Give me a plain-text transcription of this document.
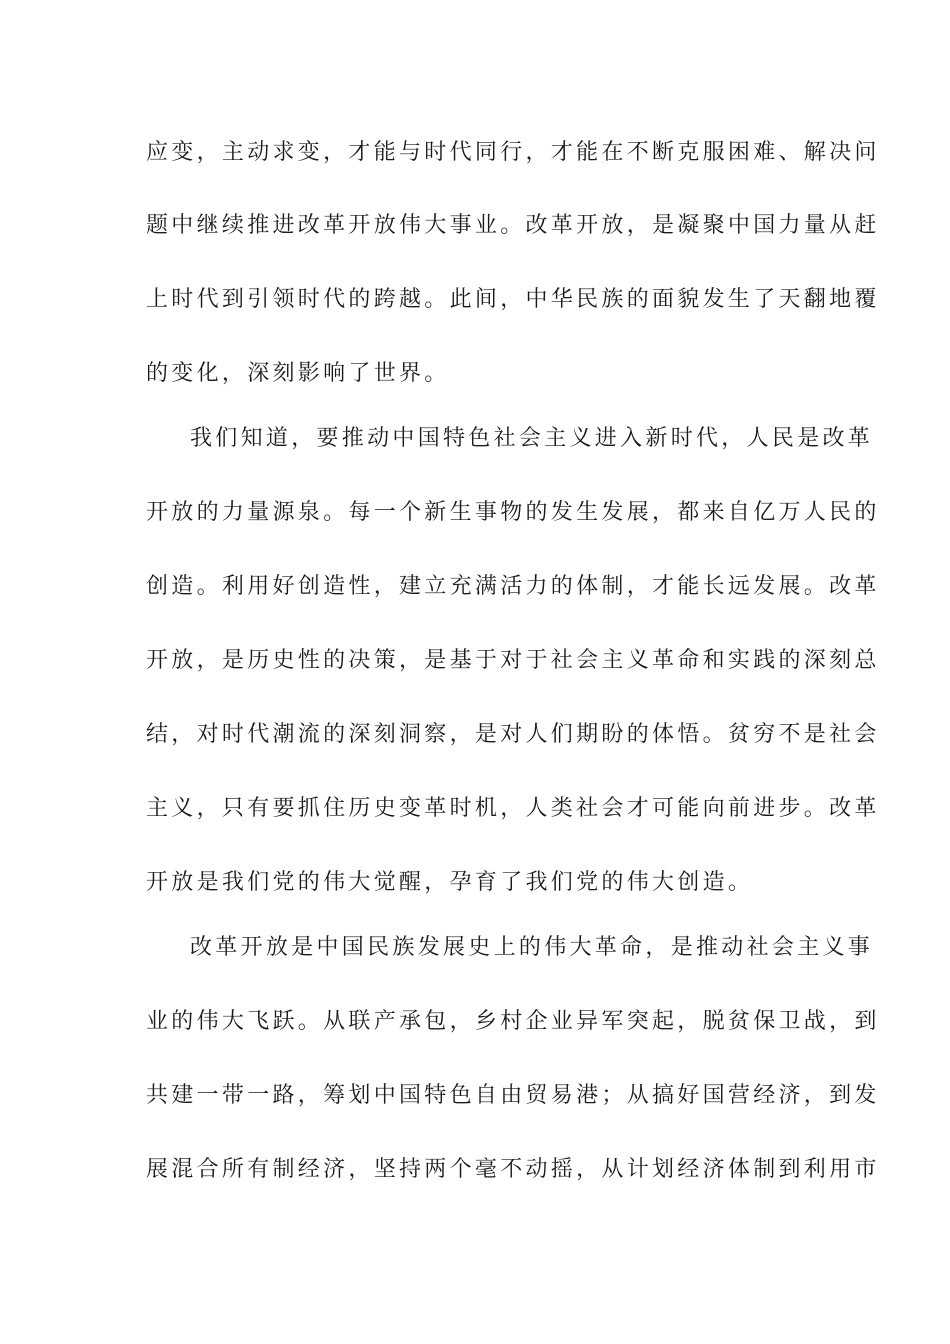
应变，主动求变，才能与时代同行，才能在不断克服困难、解决问
题中继续推进改革开放伟大事业。改革开放，是凝聚中国力量从赶
上时代到引领时代的跨越。此间，中华民族的面貌发生了天翻地覆
的变化，深刻影响了世界。
我们知道，要推动中国特色社会主义进入新时代，人民是改革
开放的力量源泉。每一个新生事物的发生发展，都来自亿万人民的
创造。利用好创造性，建立充满活力的体制，才能长远发展。改革
开放，是历史性的决策，是基于对于社会主义革命和实践的深刻总
结，对时代潮流的深刻洞察，是对人们期盼的体悟。贫穷不是社会
主义，只有要抓住历史变革时机，人类社会才可能向前进步。改革
开放是我们党的伟大觉醒，孕育了我们党的伟大创造。
改革开放是中国民族发展史上的伟大革命，是推动社会主义事
业的伟大飞跃。从联产承包，乡村企业异军突起，脱贫保卫战，到
共建一带一路，筹划中国特色自由贸易港；从搞好国营经济，到发
展混合所有制经济，坚持两个毫不动摇，从计划经济体制到利用市
